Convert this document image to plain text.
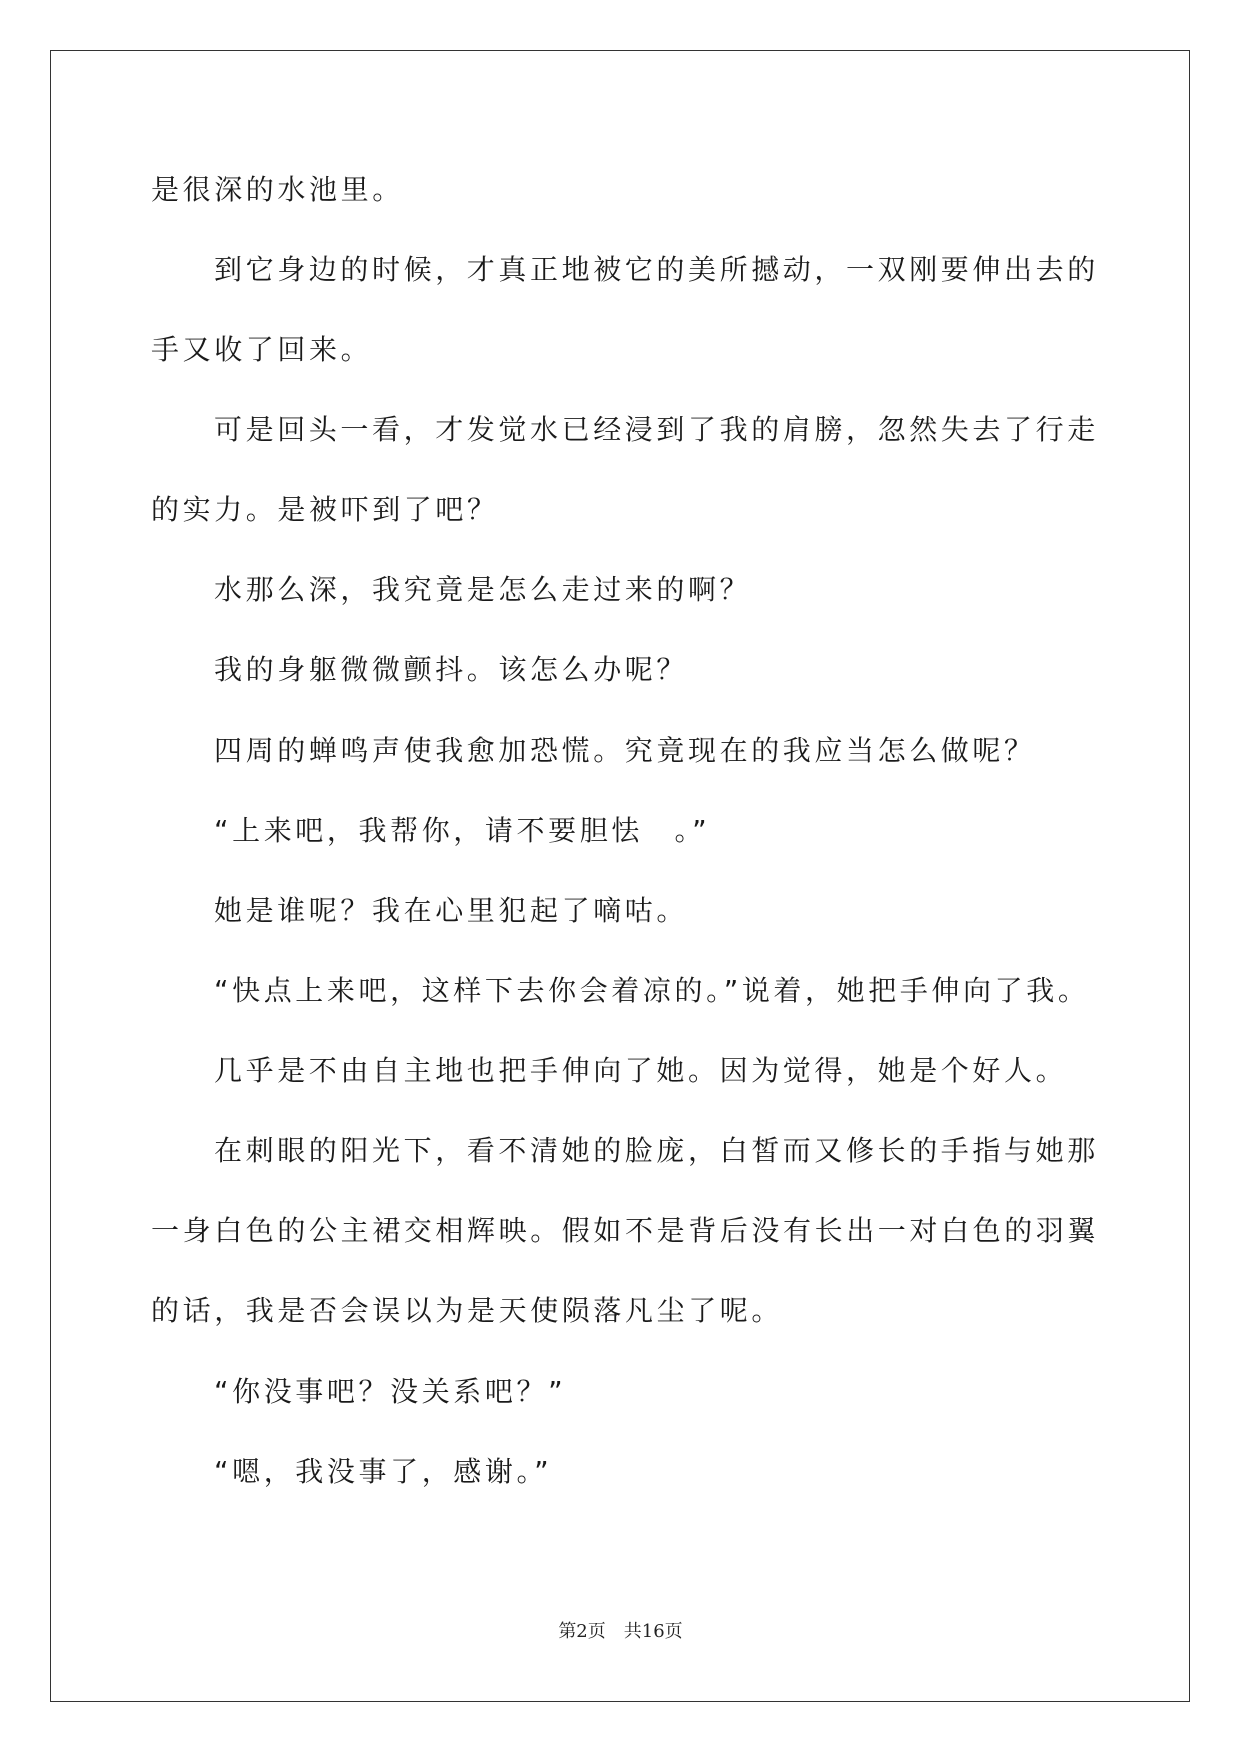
是很深的水池里。
到它身边的时候，才真正地被它的美所撼动，一双刚要伸出去的
手又收了回来。
可是回头一看，才发觉水已经浸到了我的肩膀，忽然失去了行走
的实力。是被吓到了吧？
水那么深，我究竟是怎么走过来的啊？
我的身躯微微颤抖。该怎么办呢？
四周的蝉鸣声使我愈加恐慌。究竟现在的我应当怎么做呢？
“上来吧，我帮你，请不要胆怯　。”
她是谁呢？我在心里犯起了嘀咕。
“快点上来吧，这样下去你会着凉的。”说着，她把手伸向了我。
几乎是不由自主地也把手伸向了她。因为觉得，她是个好人。
在刺眼的阳光下，看不清她的脸庞，白皙而又修长的手指与她那
一身白色的公主裙交相辉映。假如不是背后没有长出一对白色的羽翼
的话，我是否会误以为是天使陨落凡尘了呢。
“你没事吧？没关系吧？”
“嗯，我没事了，感谢。”
第2页　共16页
